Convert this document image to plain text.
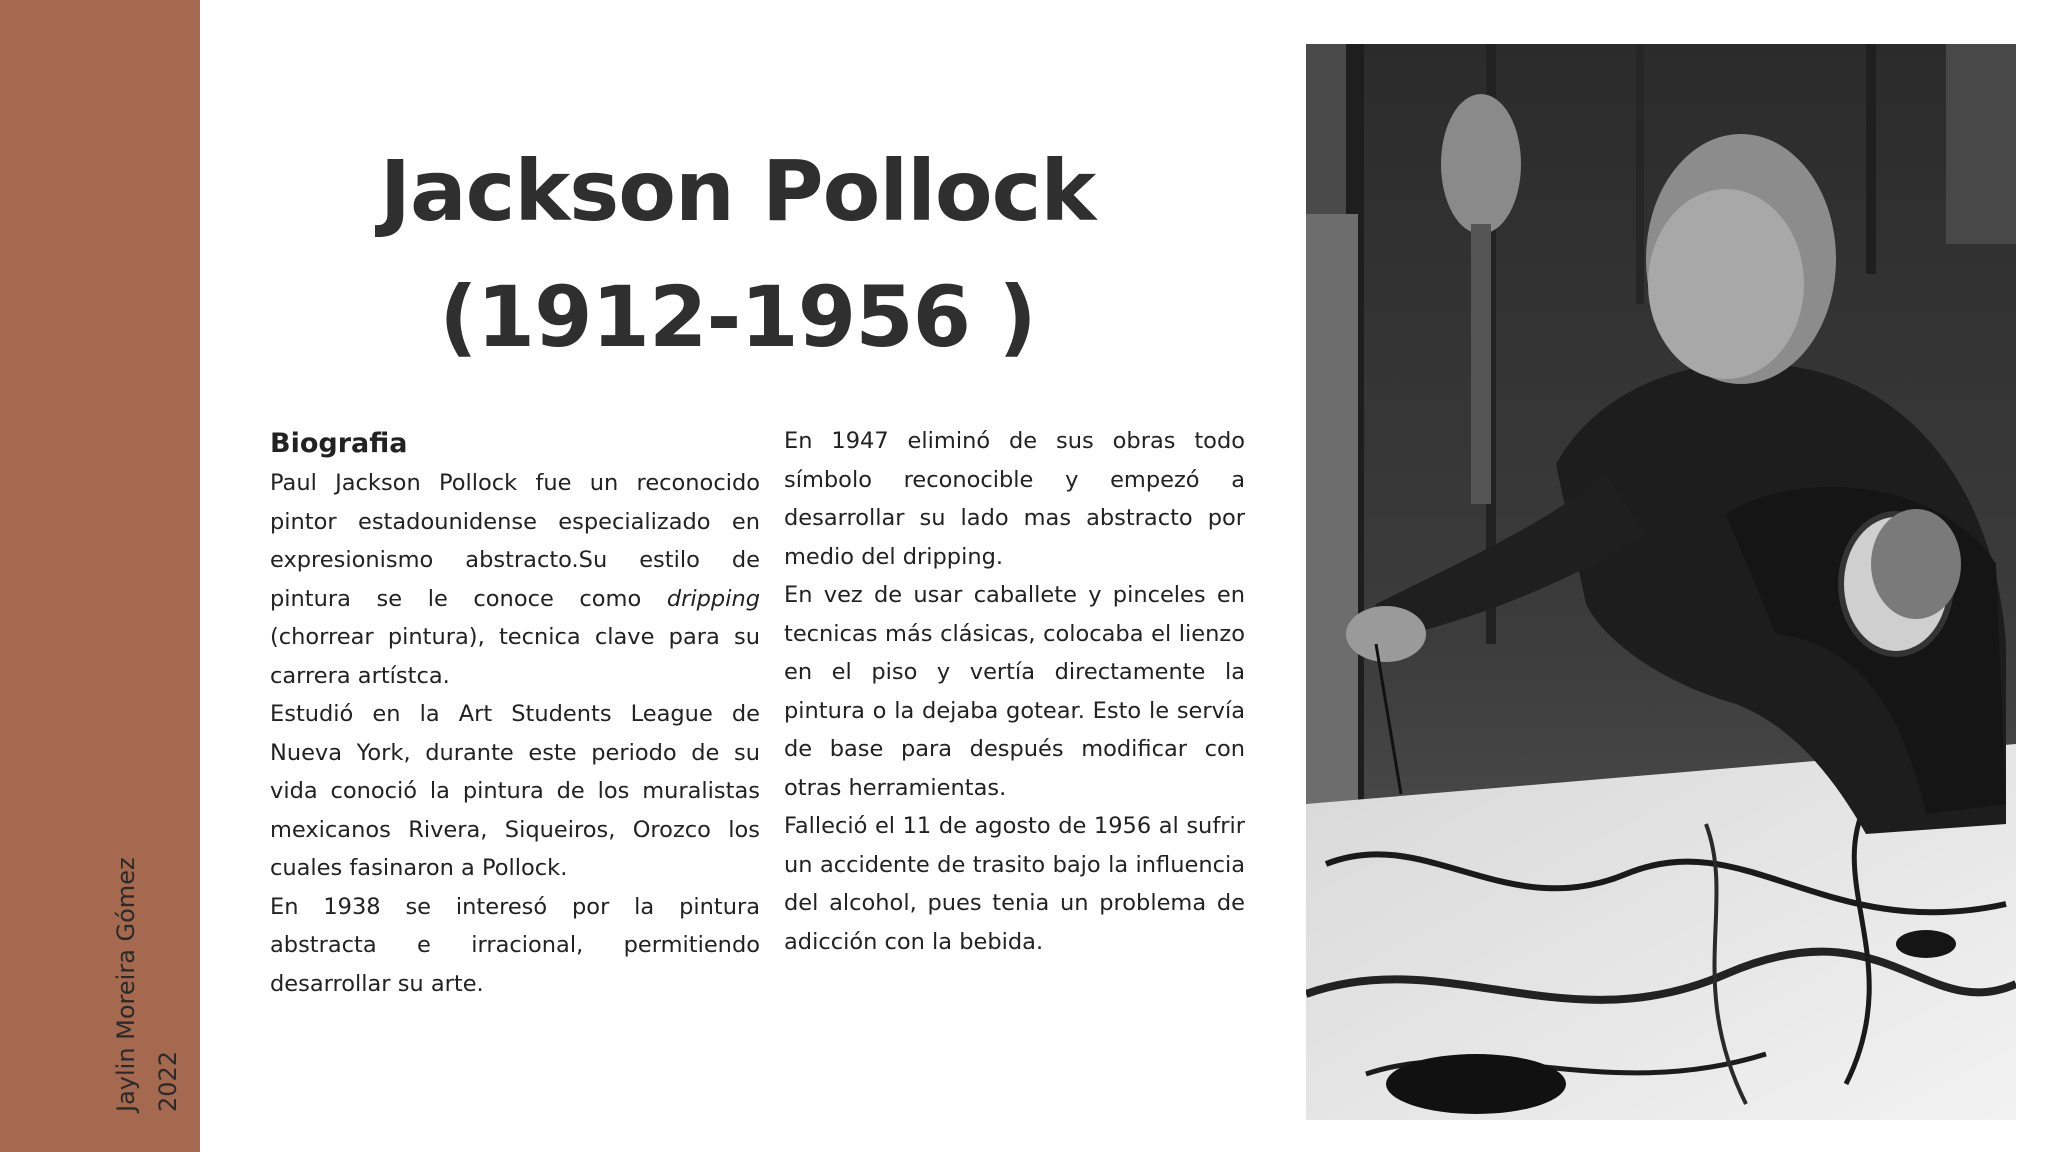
Jaylin Moreira Gómez 2022
Jackson Pollock
(1912-1956 )
Biografia

Paul Jackson Pollock fue un reconocido pintor estadounidense especializado en expresionismo abstracto.Su estilo de pintura se le conoce como dripping (chorrear pintura), tecnica clave para su carrera artístca.

Estudió en la Art Students League de Nueva York, durante este periodo de su vida conoció la pintura de los muralistas mexicanos Rivera, Siqueiros, Orozco los cuales fasinaron a Pollock.

En 1938 se interesó por la pintura abstracta e irracional, permitiendo desarrollar su arte.

En 1947 eliminó de sus obras todo símbolo reconocible y empezó a desarrollar su lado mas abstracto por medio del dripping.

En vez de usar caballete y pinceles en tecnicas más clásicas, colocaba el lienzo en el piso y vertía directamente la pintura o la dejaba gotear. Esto le servía de base para después modificar con otras herramientas.

Falleció el 11 de agosto de 1956 al sufrir un accidente de trasito bajo la influencia del alcohol, pues tenia un problema de adicción con la bebida.
